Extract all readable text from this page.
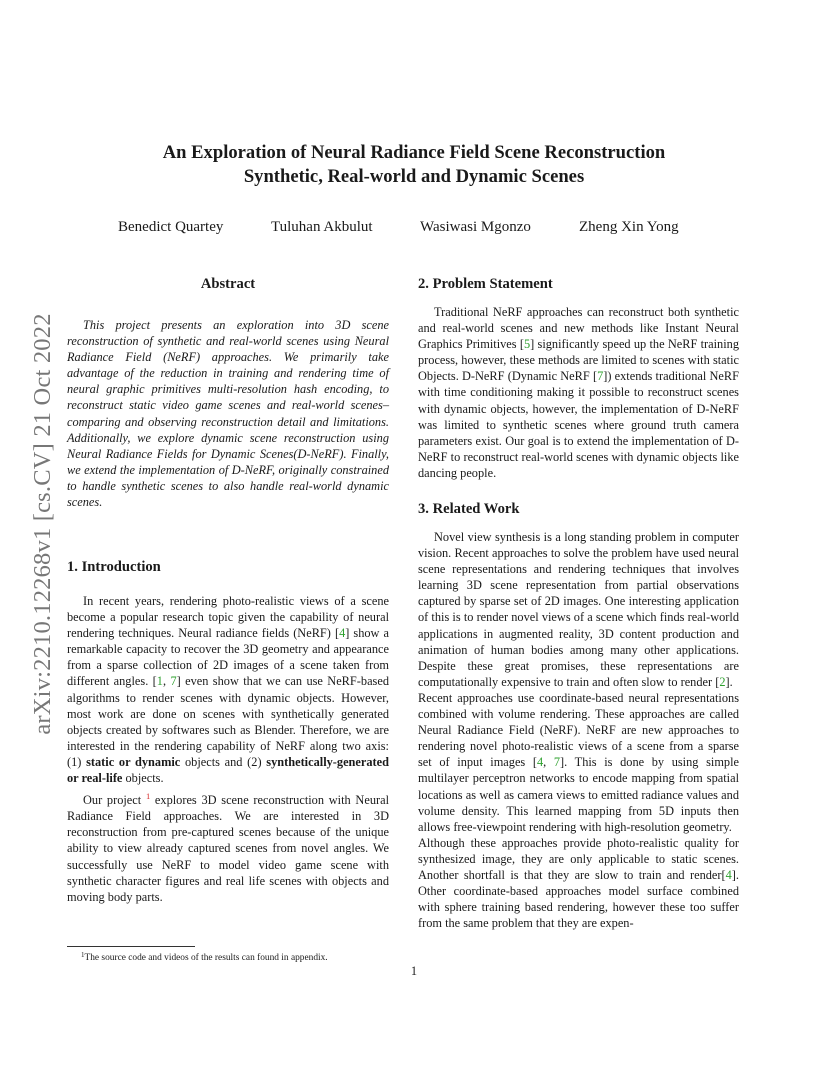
arXiv:2210.12268v1 [cs.CV] 21 Oct 2022
An Exploration of Neural Radiance Field Scene Reconstruction
Synthetic, Real-world and Dynamic Scenes
Benedict Quartey	Tuluhan Akbulut	Wasiwasi Mgonzo	Zheng Xin Yong
Abstract

This project presents an exploration into 3D scene reconstruction of synthetic and real-world scenes using Neural Radiance Field (NeRF) approaches. We primarily take advantage of the reduction in training and rendering time of neural graphic primitives multi-resolution hash encoding, to reconstruct static video game scenes and real-world scenes–comparing and observing reconstruction detail and limitations. Additionally, we explore dynamic scene reconstruction using Neural Radiance Fields for Dynamic Scenes(D-NeRF). Finally, we extend the implementation of D-NeRF, originally constrained to handle synthetic scenes to also handle real-world dynamic scenes.

1. Introduction

In recent years, rendering photo-realistic views of a scene become a popular research topic given the capability of neural rendering techniques. Neural radiance fields (NeRF) [4] show a remarkable capacity to recover the 3D geometry and appearance from a sparse collection of 2D images of a scene taken from different angles. [1, 7] even show that we can use NeRF-based algorithms to render scenes with dynamic objects. However, most work are done on scenes with synthetically generated objects created by softwares such as Blender. Therefore, we are interested in the rendering capability of NeRF along two axis: (1) static or dynamic objects and (2) synthetically-generated or real-life objects.

Our project $^1$ explores 3D scene reconstruction with Neural Radiance Field approaches. We are interested in 3D reconstruction from pre-captured scenes because of the unique ability to view already captured scenes from novel angles. We successfully use NeRF to model video game scene with synthetic character figures and real life scenes with objects and moving body parts.

$^1$The source code and videos of the results can found in appendix.
2. Problem Statement

Traditional NeRF approaches can reconstruct both synthetic and real-world scenes and new methods like Instant Neural Graphics Primitives [5] significantly speed up the NeRF training process, however, these methods are limited to scenes with static Objects. D-NeRF (Dynamic NeRF [7]) extends traditional NeRF with time conditioning making it possible to reconstruct scenes with dynamic objects, however, the implementation of D-NeRF was limited to synthetic scenes where ground truth camera parameters exist. Our goal is to extend the implementation of D-NeRF to reconstruct real-world scenes with dynamic objects like dancing people.

3. Related Work

Novel view synthesis is a long standing problem in computer vision. Recent approaches to solve the problem have used neural scene representations and rendering techniques that involves learning 3D scene representation from partial observations captured by sparse set of 2D images. One interesting application of this is to render novel views of a scene which finds real-world applications in augmented reality, 3D content production and animation of human bodies among many other applications. Despite these great promises, these representations are computationally expensive to train and often slow to render [2].

Recent approaches use coordinate-based neural representations combined with volume rendering. These approaches are called Neural Radiance Field (NeRF). NeRF are new approaches to rendering novel photo-realistic views of a scene from a sparse set of input images [4, 7]. This is done by using simple multilayer perceptron networks to encode mapping from spatial locations as well as camera views to emitted radiance values and volume density. This learned mapping from 5D inputs then allows free-viewpoint rendering with high-resolution geometry.

Although these approaches provide photo-realistic quality for synthesized image, they are only applicable to static scenes. Another shortfall is that they are slow to train and render[4]. Other coordinate-based approaches model surface combined with sphere training based rendering, however these too suffer from the same problem that they are expen-

1
